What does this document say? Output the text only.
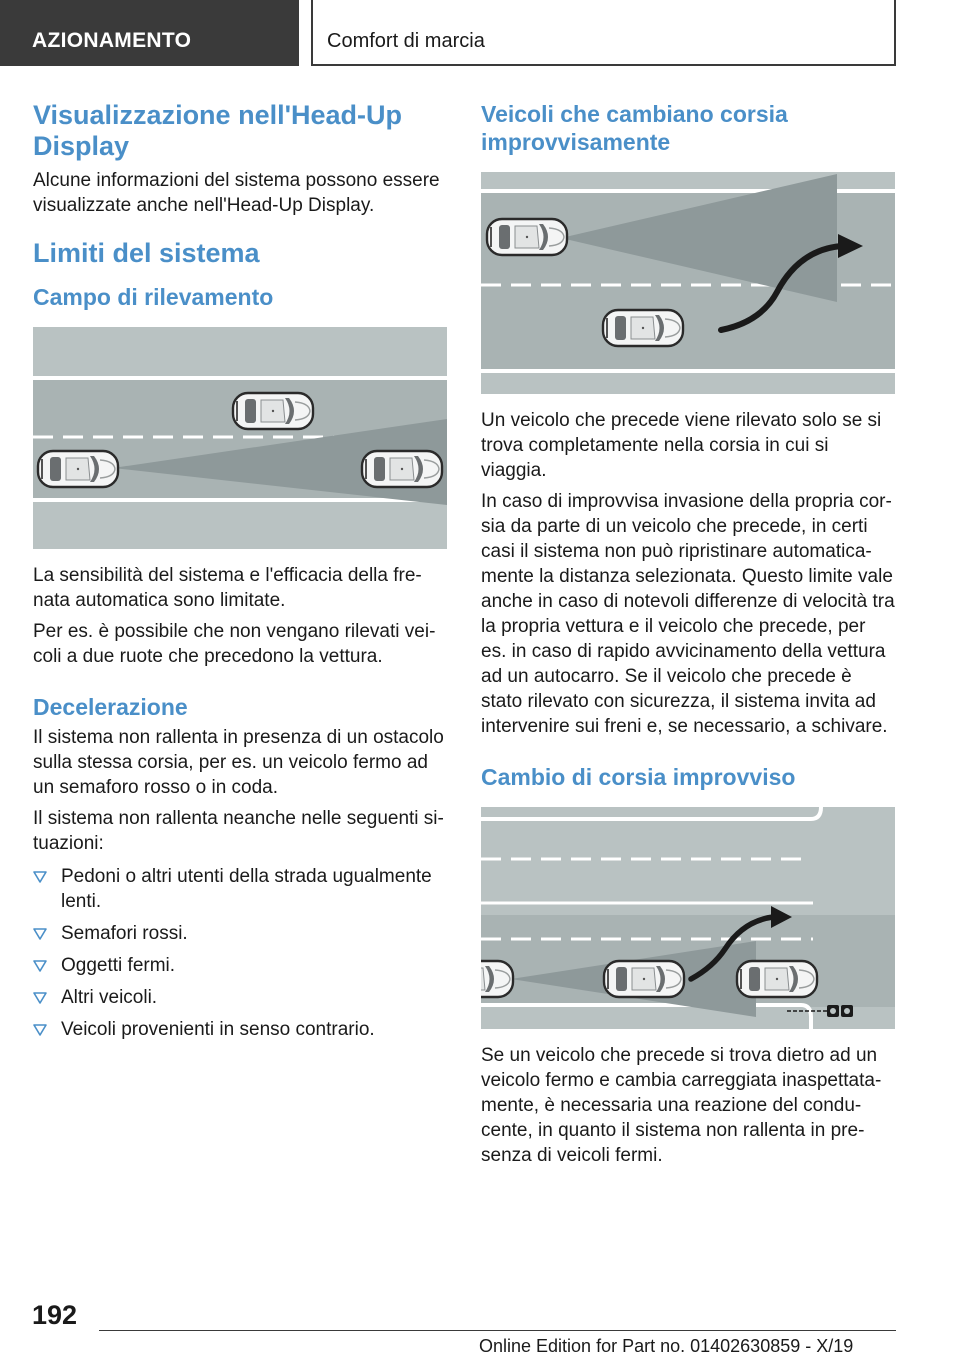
AZIONAMENTO	Comfort di marcia
Visualizzazione nell'Head-Up Display

Alcune informazioni del sistema possono essere visualizzate anche nell'Head-Up Display.

Limiti del sistema
Campo di rilevamento

La sensibilità del sistema e l'efficacia della frenata automatica sono limitate.

Per es. è possibile che non vengano rilevati veicoli a due ruote che precedono la vettura.

Decelerazione

Il sistema non rallenta in presenza di un ostacolo sulla stessa corsia, per es. un veicolo fermo ad un semaforo rosso o in coda.

Il sistema non rallenta neanche nelle seguenti situazioni:

Pedoni o altri utenti della strada ugualmente lenti.
Semafori rossi.
Oggetti fermi.
Altri veicoli.
Veicoli provenienti in senso contrario.
Veicoli che cambiano corsia improvvisamente

Un veicolo che precede viene rilevato solo se si trova completamente nella corsia in cui si viaggia.

In caso di improvvisa invasione della propria corsia da parte di un veicolo che precede, in certi casi il sistema non può ripristinare automaticamente la distanza selezionata. Questo limite vale anche in caso di notevoli differenze di velocità tra la propria vettura e il veicolo che precede, per es. in caso di rapido avvicinamento della vettura ad un autocarro. Se il veicolo che precede è stato rilevato con sicurezza, il sistema invita ad intervenire sui freni e, se necessario, a schivare.

Cambio di corsia improvviso

Se un veicolo che precede si trova dietro ad un veicolo fermo e cambia carreggiata inaspettatamente, è necessaria una reazione del conducente, in quanto il sistema non rallenta in presenza di veicoli fermi.

192
Online Edition for Part no. 01402630859 - X/19
